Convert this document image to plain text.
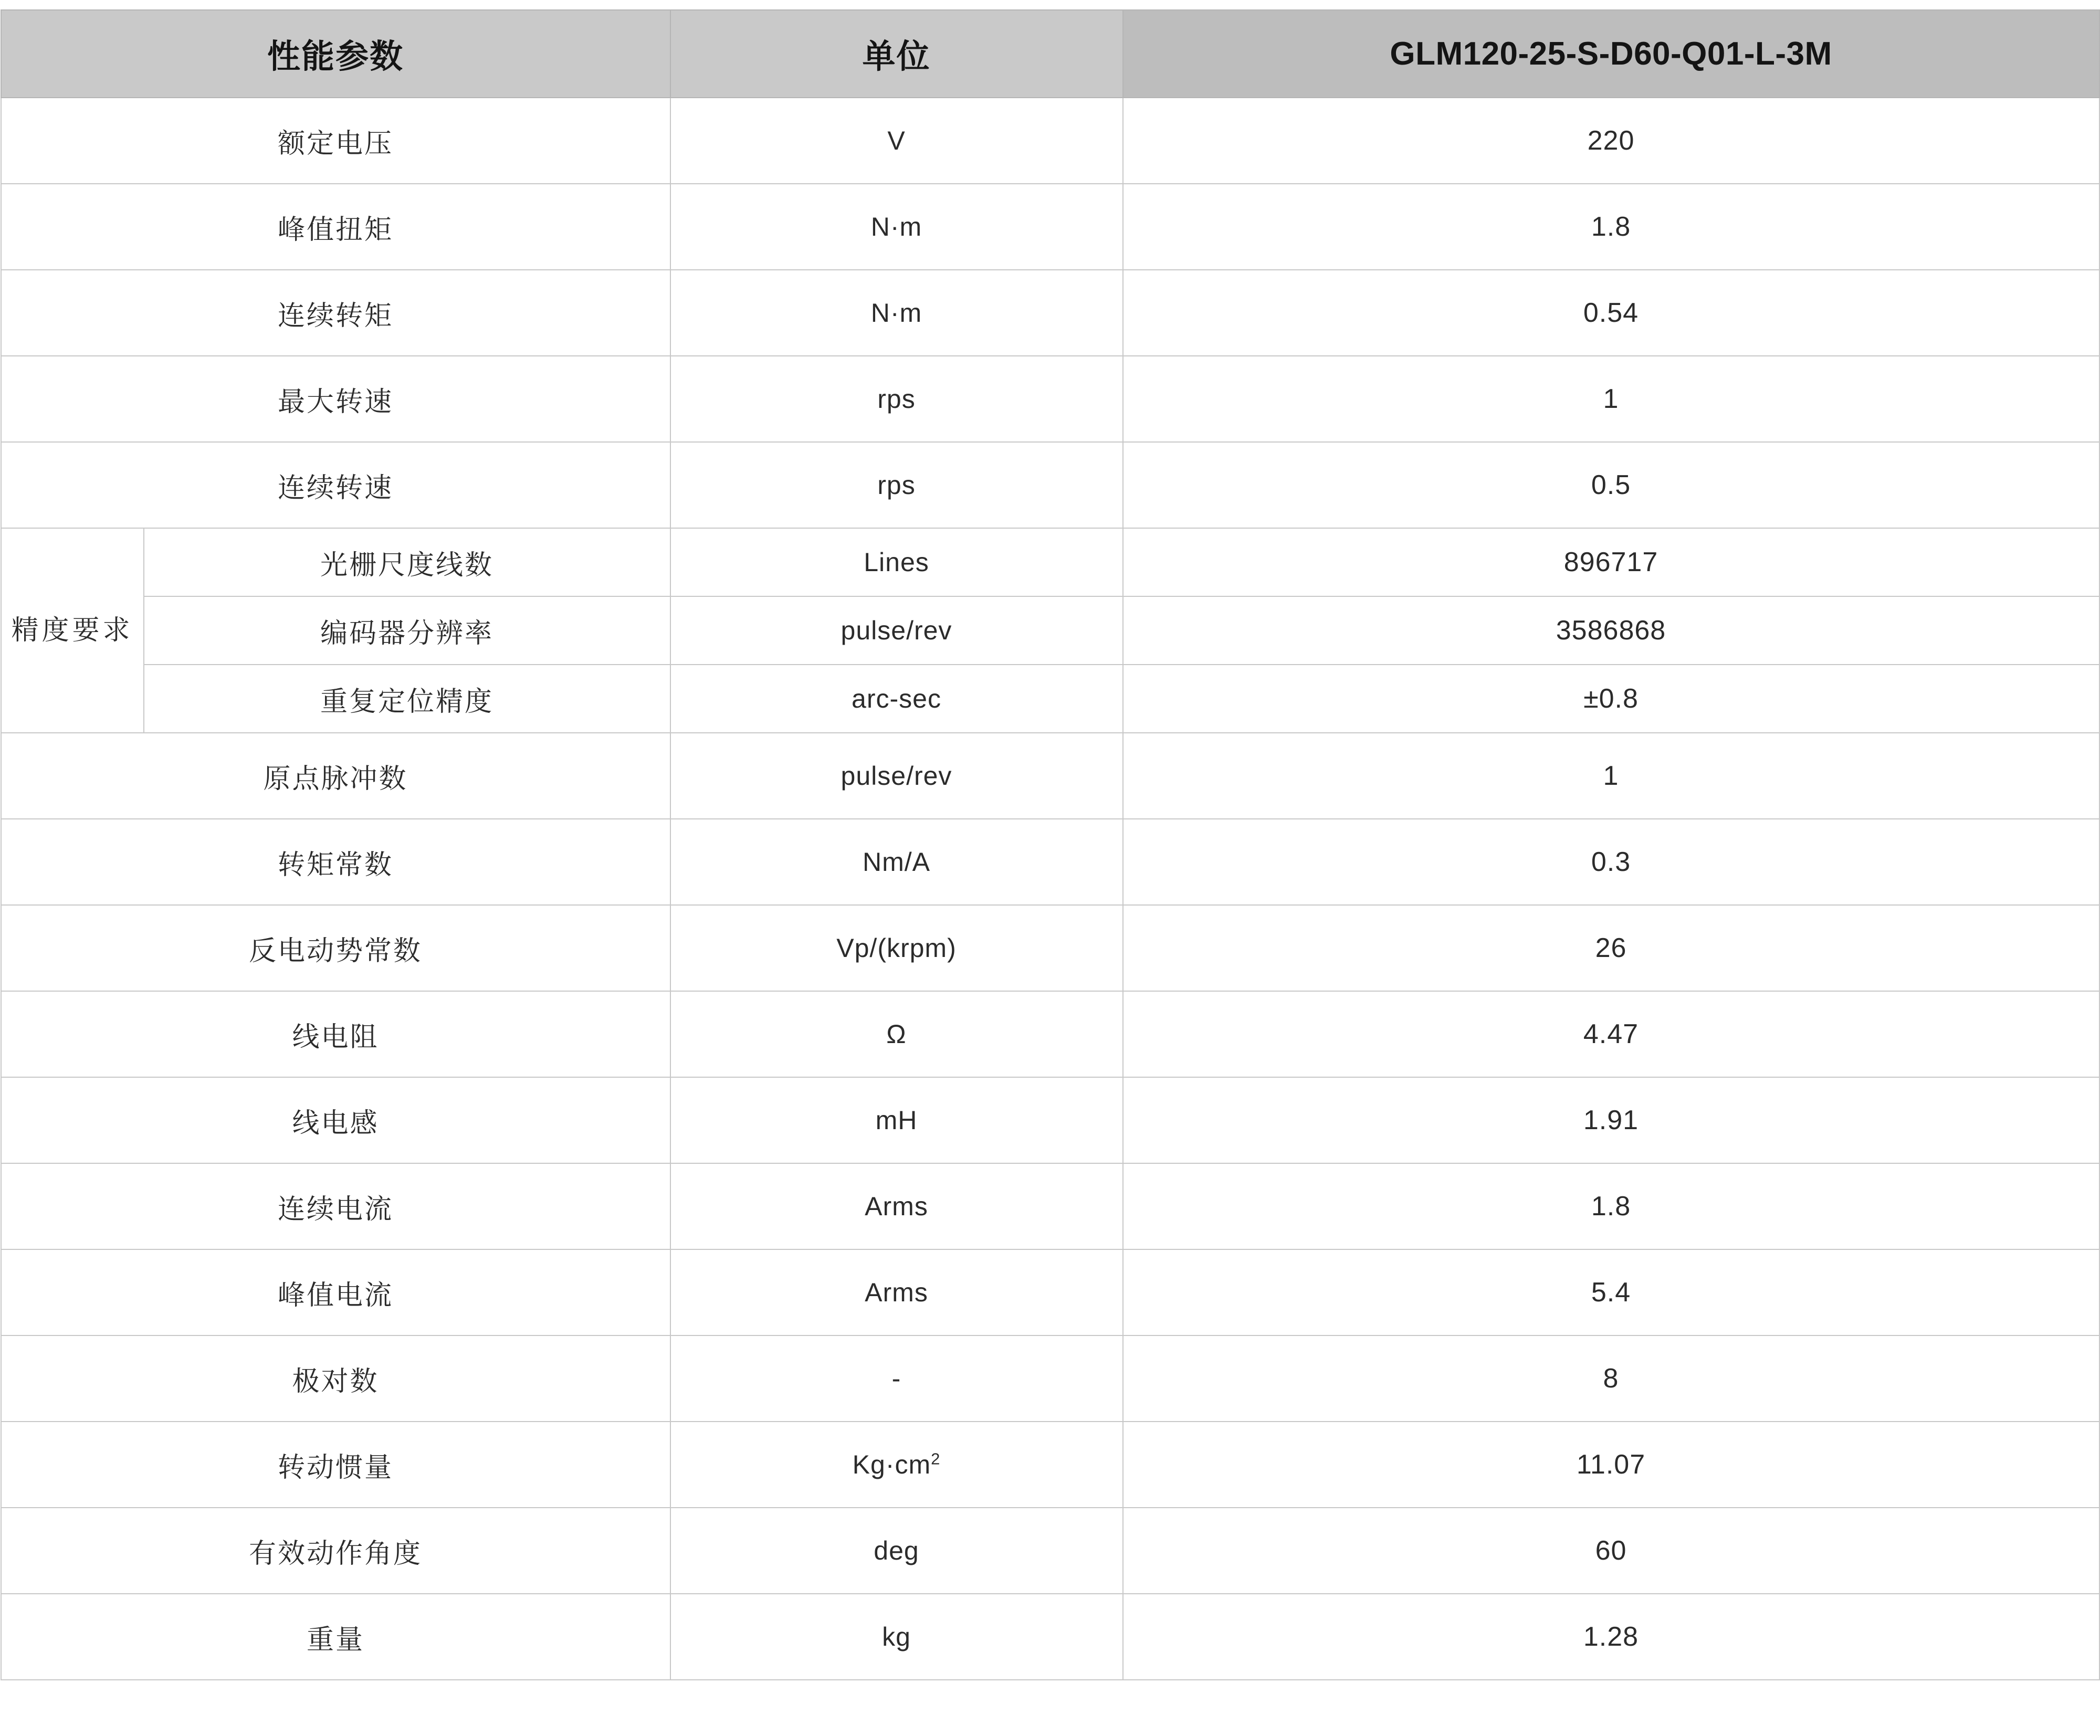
性能参数		单位	GLM120-25-S-D60-Q01-L-3M
额定电压		V	220
峰值扭矩		N·m	1.8
连续转矩		N·m	0.54
最大转速		rps	1
连续转速		rps	0.5

精度要求	光栅尺度线数	Lines	896717
	编码器分辨率	pulse/rev	3586868
	重复定位精度	arc-sec	±0.8
原点脉冲数		pulse/rev	1
转矩常数		Nm/A	0.3
反电动势常数		Vp/(krpm)	26
线电阻		Ω	4.47
线电感		mH	1.91
连续电流		Arms	1.8
峰值电流		Arms	5.4
极对数		-	8
转动惯量		$Kg\cdot cm^2$	11.07
有效动作角度		deg	60
重量		kg	1.28
